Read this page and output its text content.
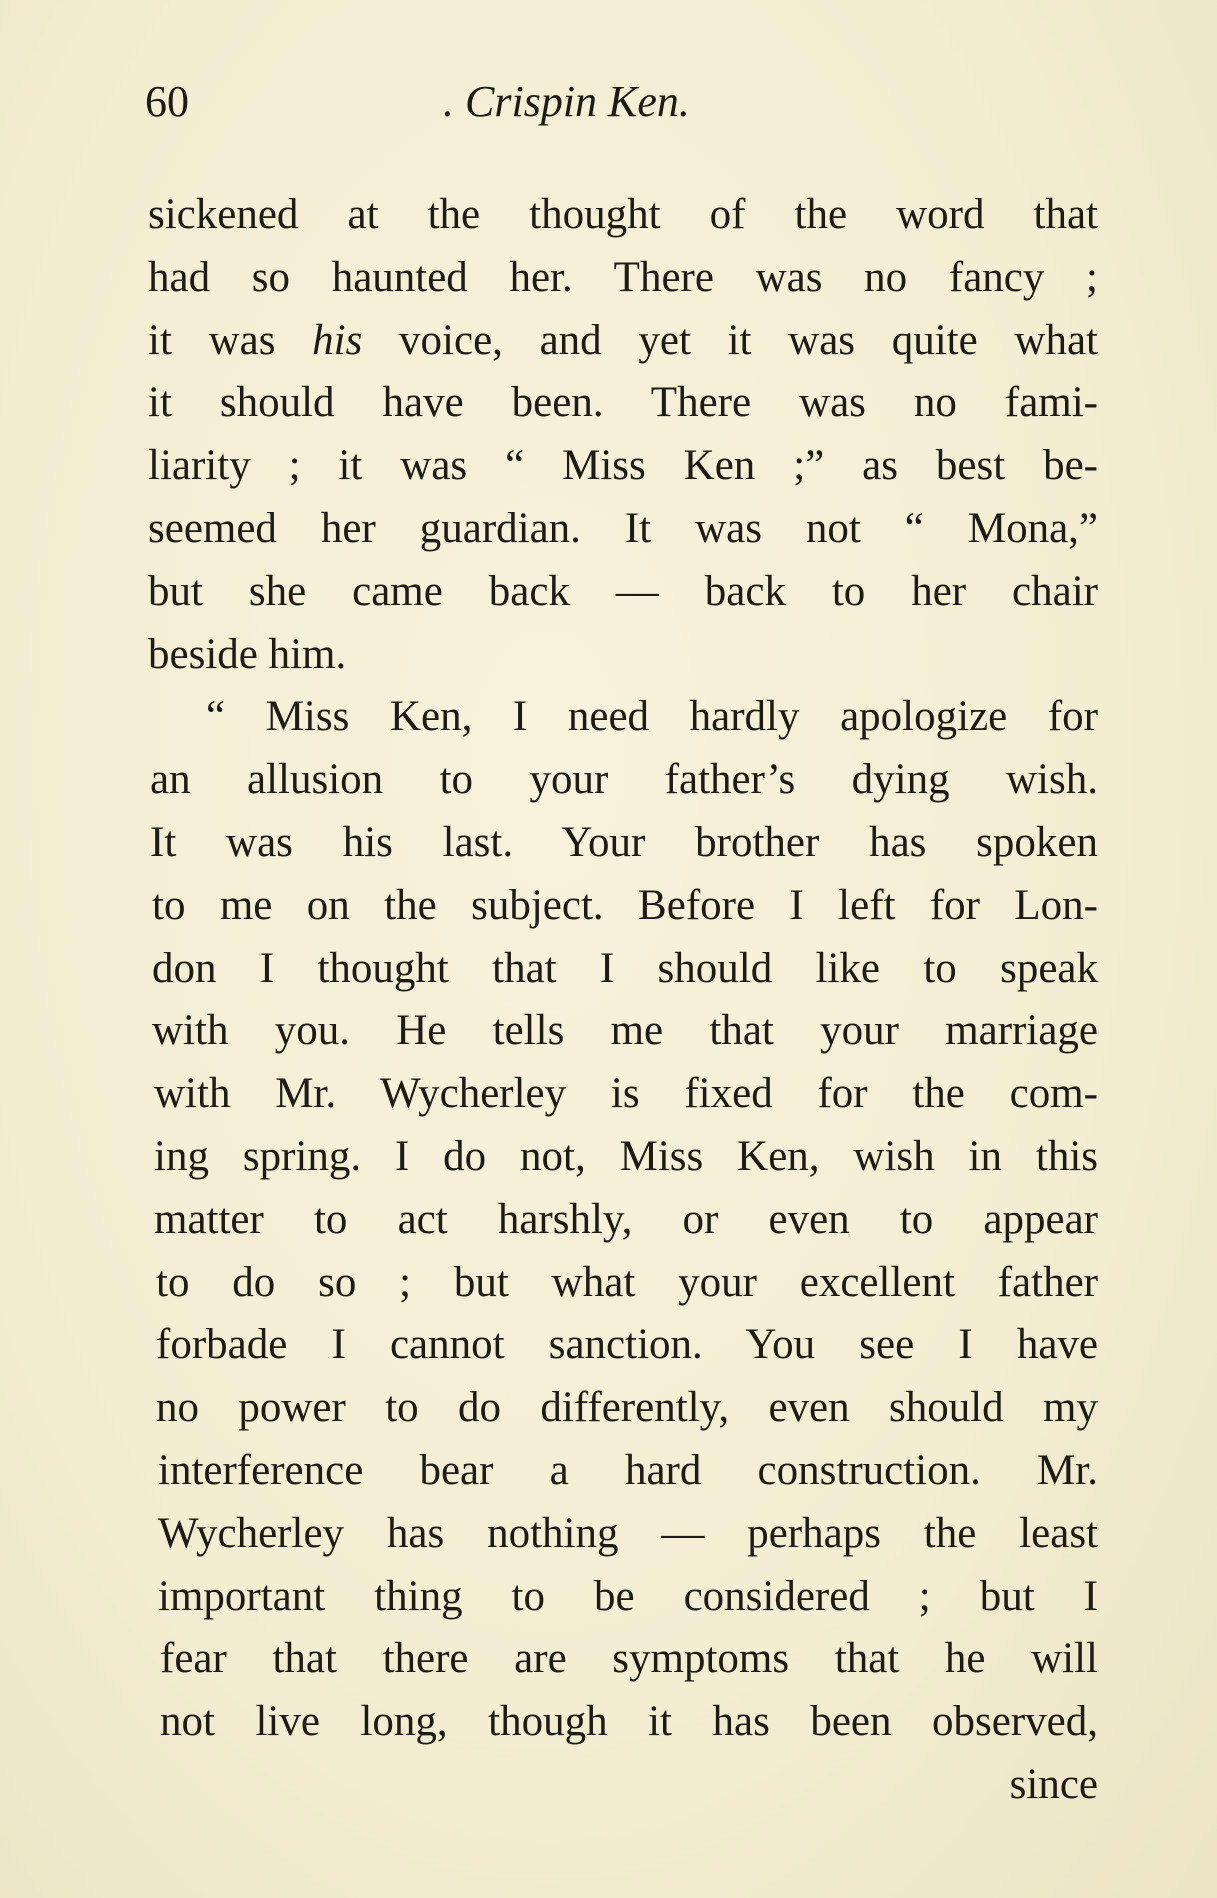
60	. Crispin Ken.
sickened at the thought of the word that
had so haunted her. There was no fancy ;
it was his voice, and yet it was quite what
it should have been. There was no fami-
liarity ; it was “ Miss Ken ;” as best be-
seemed her guardian. It was not “ Mona,”
but she came back — back to her chair
beside him.
“ Miss Ken, I need hardly apologize for
an allusion to your father’s dying wish.
It was his last. Your brother has spoken
to me on the subject. Before I left for Lon-
don I thought that I should like to speak
with you. He tells me that your marriage
with Mr. Wycherley is fixed for the com-
ing spring. I do not, Miss Ken, wish in this
matter to act harshly, or even to appear
to do so ; but what your excellent father
forbade I cannot sanction. You see I have
no power to do differently, even should my
interference bear a hard construction. Mr.
Wycherley has nothing — perhaps the least
important thing to be considered ; but I
fear that there are symptoms that he will
not live long, though it has been observed,
since
